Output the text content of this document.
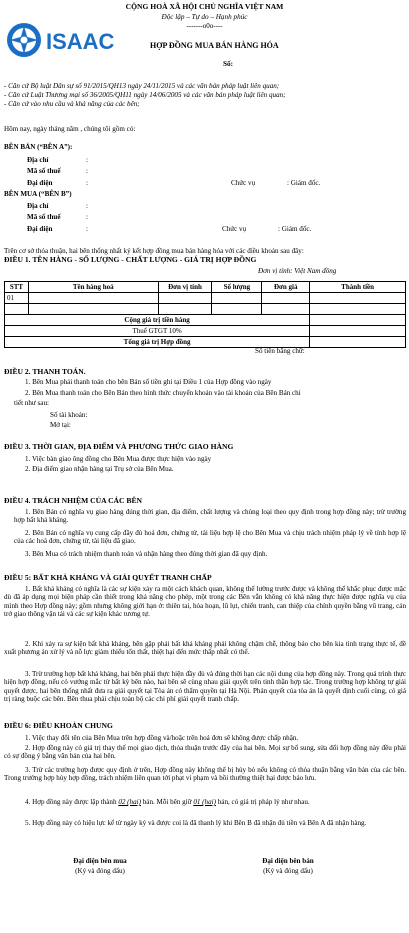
CỘNG HOÀ XÃ HỘI CHỦ NGHĨA VIỆT NAM
Độc lập – Tự do – Hạnh phúc
-------o0o----
ISAAC	HỢP ĐỒNG MUA BÁN HÀNG HÓA
Số:
- Căn cứ Bộ luật Dân sự số 91/2015/QH13 ngày 24/11/2015 và các văn bản pháp luật liên quan;
- Căn cứ Luật Thương mại số 36/2005/QH11 ngày 14/06/2005 và các văn bản pháp luật liên quan;
- Căn cứ vào nhu cầu và khả năng của các bên;
Hôm nay, ngày tháng năm , chúng tôi gồm có:
BÊN BÁN (“BÊN A”):
Địa chỉ	:
Mã số thuế	:
Đại diện	:	Chức vụ	: Giám đốc.
BÊN MUA (“BÊN B”)
Địa chỉ	:
Mã số thuế	:
Đại diện	:	Chức vụ	: Giám đốc.
Trên cơ sở thỏa thuận, hai bên thống nhất ký kết hợp đồng mua bán hàng hóa với các điều khoản sau đây:
ĐIỀU 1. TÊN HÀNG - SỐ LƯỢNG - CHẤT LƯỢNG - GIÁ TRỊ HỢP ĐỒNG
Đơn vị tính: Việt Nam đồng
STT	Tên hàng hoá	Đơn vị tính	Số lượng	Đơn giá	Thành tiền
01					

Cộng giá trị tiền hàng					
Thuế GTGT 10%					
Tổng giá trị Hợp đồng					
Số tiền bằng chữ:
ĐIỀU 2. THANH TOÁN.
1. Bên Mua phải thanh toán cho bên Bán số tiền ghi tại Điều 1 của Hợp đồng vào ngày
2. Bên Mua thanh toán cho Bên Bán theo hình thức chuyển khoản vào tài khoản của Bên Bán chi
tiết như sau:
Số tài khoản:
Mở tại:
ĐIỀU 3. THỜI GIAN, ĐỊA ĐIỂM VÀ PHƯƠNG THỨC GIAO HÀNG
1. Việc bàn giao ông đồng cho Bên Mua được thực hiện vào ngày
2. Địa điểm giao nhận hàng tại Trụ sở của Bên Mua.
ĐIỀU 4. TRÁCH NHIỆM CỦA CÁC BÊN
1. Bên Bán có nghĩa vụ giao hàng đúng thời gian, địa điểm, chất lượng và chủng loại theo quy định trong hợp đồng này; trừ trường hợp bất khả kháng.
2. Bên Bán có nghĩa vụ cung cấp đầy đủ hoá đơn, chứng từ, tài liệu hợp lệ cho Bên Mua và chịu trách nhiệm pháp lý về tính hợp lệ của các hoá đơn, chứng từ, tài liệu đã giao.
3. Bên Mua có trách nhiệm thanh toán và nhận hàng theo đúng thời gian đã quy định.
ĐIỀU 5: BẤT KHẢ KHÁNG VÀ GIẢI QUYẾT TRANH CHẤP
1. Bất khả kháng có nghĩa là các sự kiện xảy ra một cách khách quan, không thể lường trước được và không thể khắc phục được mặc dù đã áp dụng mọi biện pháp cần thiết trong khả năng cho phép, một trong các Bên vẫn không có khả năng thực hiện được nghĩa vụ của mình theo Hợp đồng này; gồm nhưng không giới hạn ở: thiên tai, hỏa hoạn, lũ lụt, chiến tranh, can thiệp của chính quyền bằng vũ trang, cản trở giao thông vận tải và các sự kiện khác tương tự.
2. Khi xảy ra sự kiện bất khả kháng, bên gặp phải bất khả kháng phải không chậm chễ, thông báo cho bên kia tình trạng thực tế, đề xuất phương án xử lý và nỗ lực giảm thiểu tổn thất, thiệt hại đến mức thấp nhất có thể.
3. Trừ trường hợp bất khả kháng, hai bên phải thực hiện đầy đủ và đúng thời hạn các nội dung của hợp đồng này. Trong quá trình thực hiện hợp đồng, nếu có vướng mắc từ bất kỳ bên nào, hai bên sẽ cùng nhau giải quyết trên tinh thần hợp tác. Trong trường hợp không tự giải quyết được, hai bên thống nhất đưa ra giải quyết tại Tòa án có thẩm quyền tại Hà Nội. Phán quyết của tòa án là quyết định cuối cùng, có giá trị ràng buộc các bên. Bên thua phải chịu toàn bộ các chi phí giải quyết tranh chấp.
ĐIỀU 6: ĐIỀU KHOẢN CHUNG
1. Việc thay đổi tên của Bên Mua trên hợp đồng và/hoặc trên hoá đơn sẽ không được chấp nhận.
2. Hợp đồng này có giá trị thay thế mọi giao dịch, thỏa thuận trước đây của hai bên. Mọi sự bổ sung, sửa đổi hợp đồng này đều phải có sự đồng ý bằng văn bản của hai bên.
3. Trừ các trường hợp được quy định ở trên, Hợp đồng này không thể bị hủy bỏ nếu không có thỏa thuận bằng văn bản của các bên. Trong trường hợp hủy hợp đồng, trách nhiệm liên quan tới phạt vi phạm và bồi thường thiệt hại được bảo lưu.
4. Hợp đồng này được lập thành 02 (hai) bản. Mỗi bên giữ 01 (hai) bản, có giá trị pháp lý như nhau.
5. Hợp đồng này có hiệu lực kể từ ngày ký và được coi là đã thanh lý khi Bên B đã nhận đủ tiền và Bên A đã nhận hàng.
Đại diện bên mua
(Ký và đóng dấu)
Đại diện bên bán
(Ký và đóng dấu)
